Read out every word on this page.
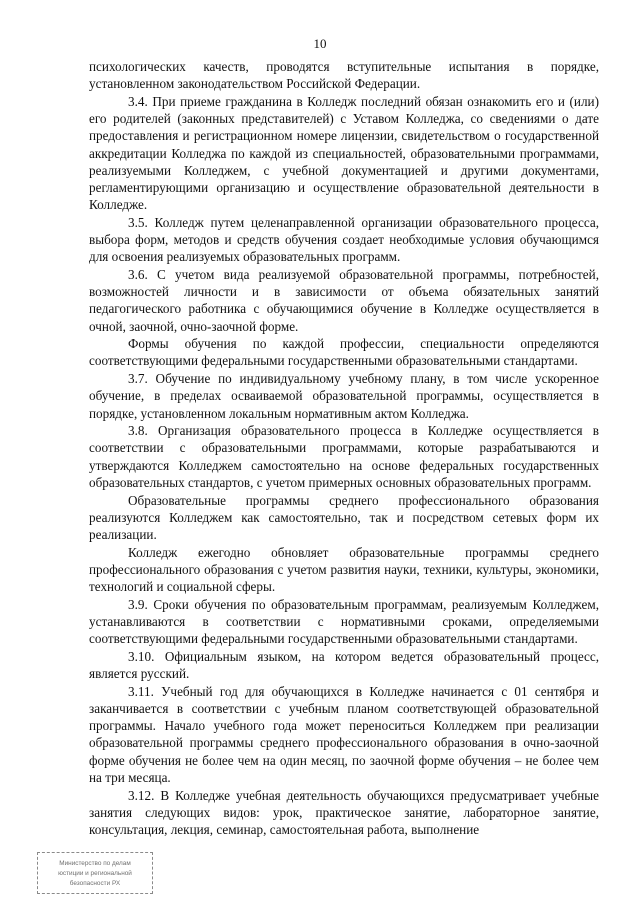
10

психологических качеств, проводятся вступительные испытания в порядке, установленном законодательством Российской Федерации.

3.4. При приеме гражданина в Колледж последний обязан ознакомить его и (или) его родителей (законных представителей) с Уставом Колледжа, со сведениями о дате предоставления и регистрационном номере лицензии, свидетельством о государственной аккредитации Колледжа по каждой из специальностей, образовательными программами, реализуемыми Колледжем, с учебной документацией и другими документами, регламентирующими организацию и осуществление образовательной деятельности в Колледже.

3.5. Колледж путем целенаправленной организации образовательного процесса, выбора форм, методов и средств обучения создает необходимые условия обучающимся для освоения реализуемых образовательных программ.

3.6. С учетом вида реализуемой образовательной программы, потребностей, возможностей личности и в зависимости от объема обязательных занятий педагогического работника с обучающимися обучение в Колледже осуществляется в очной, заочной, очно-заочной форме.

Формы обучения по каждой профессии, специальности определяются соответствующими федеральными государственными образовательными стандартами.

3.7. Обучение по индивидуальному учебному плану, в том числе ускоренное обучение, в пределах осваиваемой образовательной программы, осуществляется в порядке, установленном локальным нормативным актом Колледжа.

3.8. Организация образовательного процесса в Колледже осуществляется в соответствии с образовательными программами, которые разрабатываются и утверждаются Колледжем самостоятельно на основе федеральных государственных образовательных стандартов, с учетом примерных основных образовательных программ.

Образовательные программы среднего профессионального образования реализуются Колледжем как самостоятельно, так и посредством сетевых форм их реализации.

Колледж ежегодно обновляет образовательные программы среднего профессионального образования с учетом развития науки, техники, культуры, экономики, технологий и социальной сферы.

3.9. Сроки обучения по образовательным программам, реализуемым Колледжем, устанавливаются в соответствии с нормативными сроками, определяемыми соответствующими федеральными государственными образовательными стандартами.

3.10. Официальным языком, на котором ведется образовательный процесс, является русский.

3.11. Учебный год для обучающихся в Колледже начинается с 01 сентября и заканчивается в соответствии с учебным планом соответствующей образовательной программы. Начало учебного года может переноситься Колледжем при реализации образовательной программы среднего профессионального образования в очно-заочной форме обучения не более чем на один месяц, по заочной форме обучения – не более чем на три месяца.

3.12. В Колледже учебная деятельность обучающихся предусматривает учебные занятия следующих видов: урок, практическое занятие, лабораторное занятие, консультация, лекция, семинар, самостоятельная работа, выполнение

Министерство по делам
юстиции и региональной
безопасности РХ
